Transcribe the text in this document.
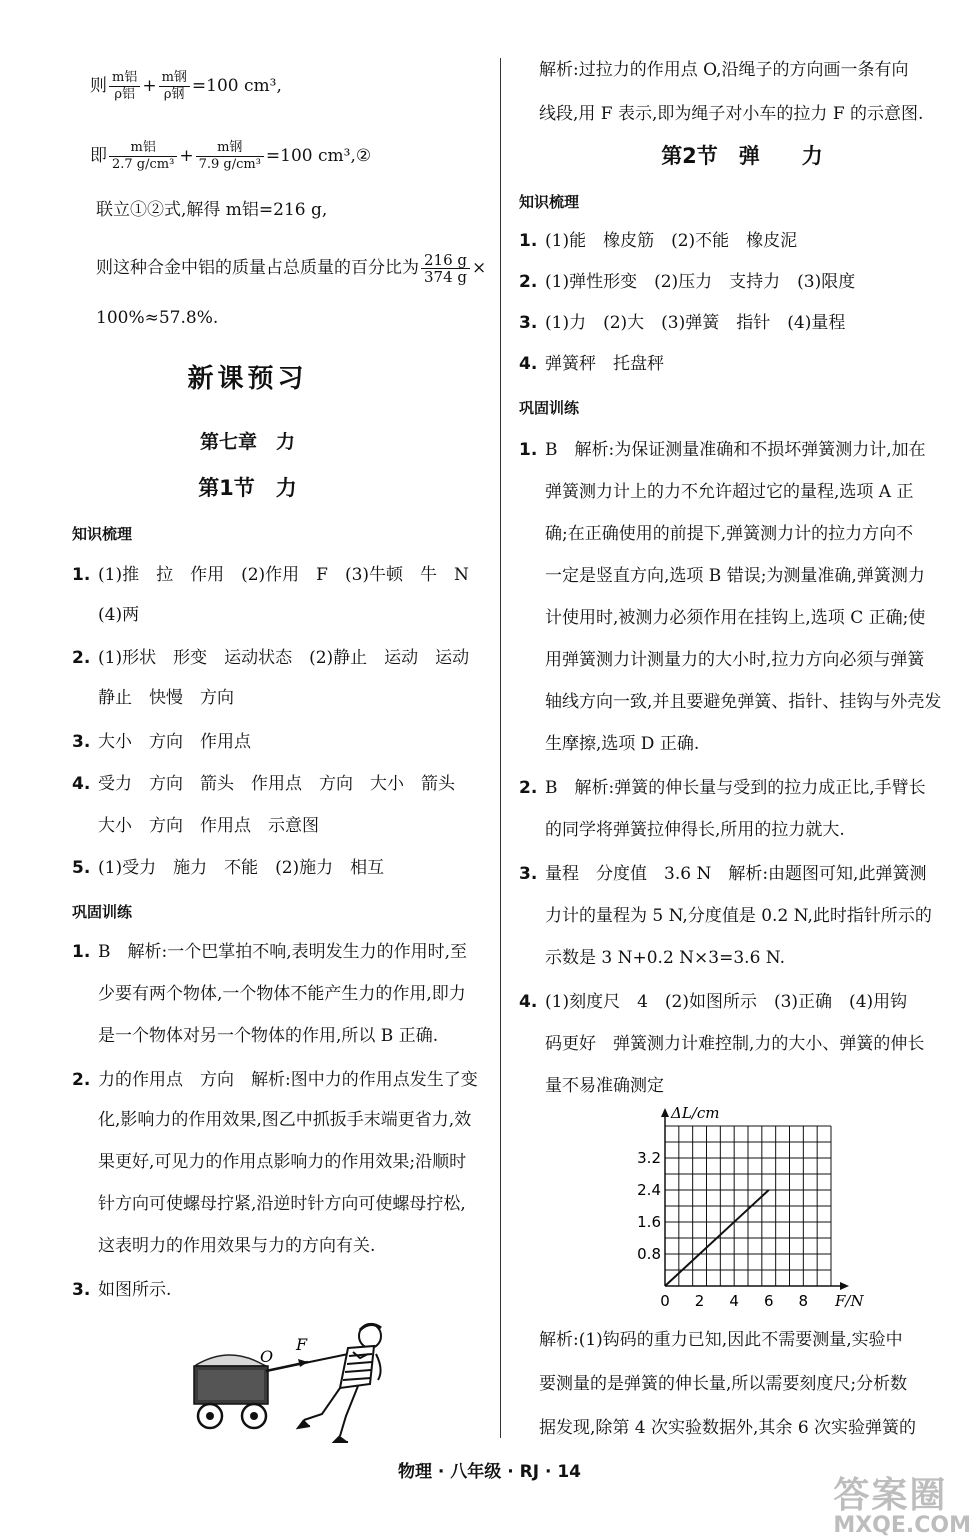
则 $\frac{\text{m铝}}{\text{ρ铝}} + \frac{\text{m钢}}{\text{ρ钢}} =100$ cm³,
即 $\frac{\text{m铝}}{\text{2.7 g/cm³}} + \frac{\text{m钢}}{\text{7.9 g/cm³}} =100$ cm³,②
联立①②式,解得 m铝=216 g,
则这种合金中铝的质量占总质量的百分比为 $\frac{216 g}{374 g}$ ×
100%≈57.8%.
新课预习
第七章　力
第1节　力
知识梳理
1. (1)推　拉　作用　(2)作用　F　(3)牛顿　牛　N
(4)两
2. (1)形状　形变　运动状态　(2)静止　运动　运动
静止　快慢　方向
3. 大小　方向　作用点
4. 受力　方向　箭头　作用点　方向　大小　箭头
大小　方向　作用点　示意图
5. (1)受力　施力　不能　(2)施力　相互
巩固训练
1. B　解析:一个巴掌拍不响,表明发生力的作用时,至
少要有两个物体,一个物体不能产生力的作用,即力
是一个物体对另一个物体的作用,所以 B 正确.
2. 力的作用点　方向　解析:图中力的作用点发生了变
化,影响力的作用效果,图乙中抓扳手末端更省力,效
果更好,可见力的作用点影响力的作用效果;沿顺时
针方向可使螺母拧紧,沿逆时针方向可使螺母拧松,
这表明力的作用效果与力的方向有关.
3. 如图所示.
O
F
解析:过拉力的作用点 O,沿绳子的方向画一条有向
线段,用 F 表示,即为绳子对小车的拉力 F 的示意图.
第2节　弹　　力
知识梳理
1. (1)能　橡皮筋　(2)不能　橡皮泥
2. (1)弹性形变　(2)压力　支持力　(3)限度
3. (1)力　(2)大　(3)弹簧　指针　(4)量程
4. 弹簧秤　托盘秤
巩固训练
1. B　解析:为保证测量准确和不损坏弹簧测力计,加在
弹簧测力计上的力不允许超过它的量程,选项 A 正
确;在正确使用的前提下,弹簧测力计的拉力方向不
一定是竖直方向,选项 B 错误;为测量准确,弹簧测力
计使用时,被测力必须作用在挂钩上,选项 C 正确;使
用弹簧测力计测量力的大小时,拉力方向必须与弹簧
轴线方向一致,并且要避免弹簧、指针、挂钩与外壳发
生摩擦,选项 D 正确.
2. B　解析:弹簧的伸长量与受到的拉力成正比,手臂长
的同学将弹簧拉伸得长,所用的拉力就大.
3. 量程　分度值　3.6 N　解析:由题图可知,此弹簧测
力计的量程为 5 N,分度值是 0.2 N,此时指针所示的
示数是 3 N+0.2 N×3=3.6 N.
4. (1)刻度尺　4　(2)如图所示　(3)正确　(4)用钩
码更好　弹簧测力计难控制,力的大小、弹簧的伸长
量不易准确测定
0 2 4 6 8
0.8
1.6
2.4
3.2
F/N
ΔL/cm
解析:(1)钩码的重力已知,因此不需要测量,实验中
要测量的是弹簧的伸长量,所以需要刻度尺;分析数
据发现,除第 4 次实验数据外,其余 6 次实验弹簧的
物理 · 八年级 · RJ · 14
答案圈
MXQE.COM
